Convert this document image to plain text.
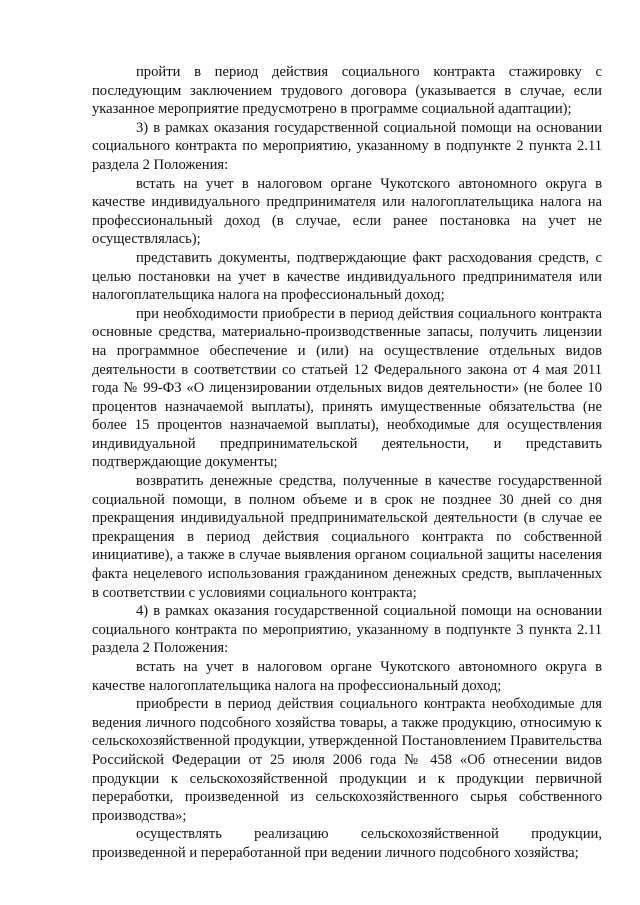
пройти в период действия социального контракта стажировку с последующим заключением трудового договора (указывается в случае, если указанное мероприятие предусмотрено в программе социальной адаптации);

3) в рамках оказания государственной социальной помощи на основании социального контракта по мероприятию, указанному в подпункте 2 пункта 2.11 раздела 2 Положения:

встать на учет в налоговом органе Чукотского автономного округа в качестве индивидуального предпринимателя или налогоплательщика налога на профессиональный доход (в случае, если ранее постановка на учет не осуществлялась);

представить документы, подтверждающие факт расходования средств, с целью постановки на учет в качестве индивидуального предпринимателя или налогоплательщика налога на профессиональный доход;

при необходимости приобрести в период действия социального контракта основные средства, материально-производственные запасы, получить лицензии на программное обеспечение и (или) на осуществление отдельных видов деятельности в соответствии со статьей 12 Федерального закона от 4 мая 2011 года № 99-ФЗ «О лицензировании отдельных видов деятельности» (не более 10 процентов назначаемой выплаты), принять имущественные обязательства (не более 15 процентов назначаемой выплаты), необходимые для осуществления индивидуальной предпринимательской деятельности, и представить подтверждающие документы;

возвратить денежные средства, полученные в качестве государственной социальной помощи, в полном объеме и в срок не позднее 30 дней со дня прекращения индивидуальной предпринимательской деятельности (в случае ее прекращения в период действия социального контракта по собственной инициативе), а также в случае выявления органом социальной защиты населения факта нецелевого использования гражданином денежных средств, выплаченных в соответствии с условиями социального контракта;

4) в рамках оказания государственной социальной помощи на основании социального контракта по мероприятию, указанному в подпункте 3 пункта 2.11 раздела 2 Положения:

встать на учет в налоговом органе Чукотского автономного округа в качестве налогоплательщика налога на профессиональный доход;

приобрести в период действия социального контракта необходимые для ведения личного подсобного хозяйства товары, а также продукцию, относимую к сельскохозяйственной продукции, утвержденной Постановлением Правительства Российской Федерации от 25 июля 2006 года № 458 «Об отнесении видов продукции к сельскохозяйственной продукции и к продукции первичной переработки, произведенной из сельскохозяйственного сырья собственного производства»;

осуществлять реализацию сельскохозяйственной продукции, произведенной и переработанной при ведении личного подсобного хозяйства;
